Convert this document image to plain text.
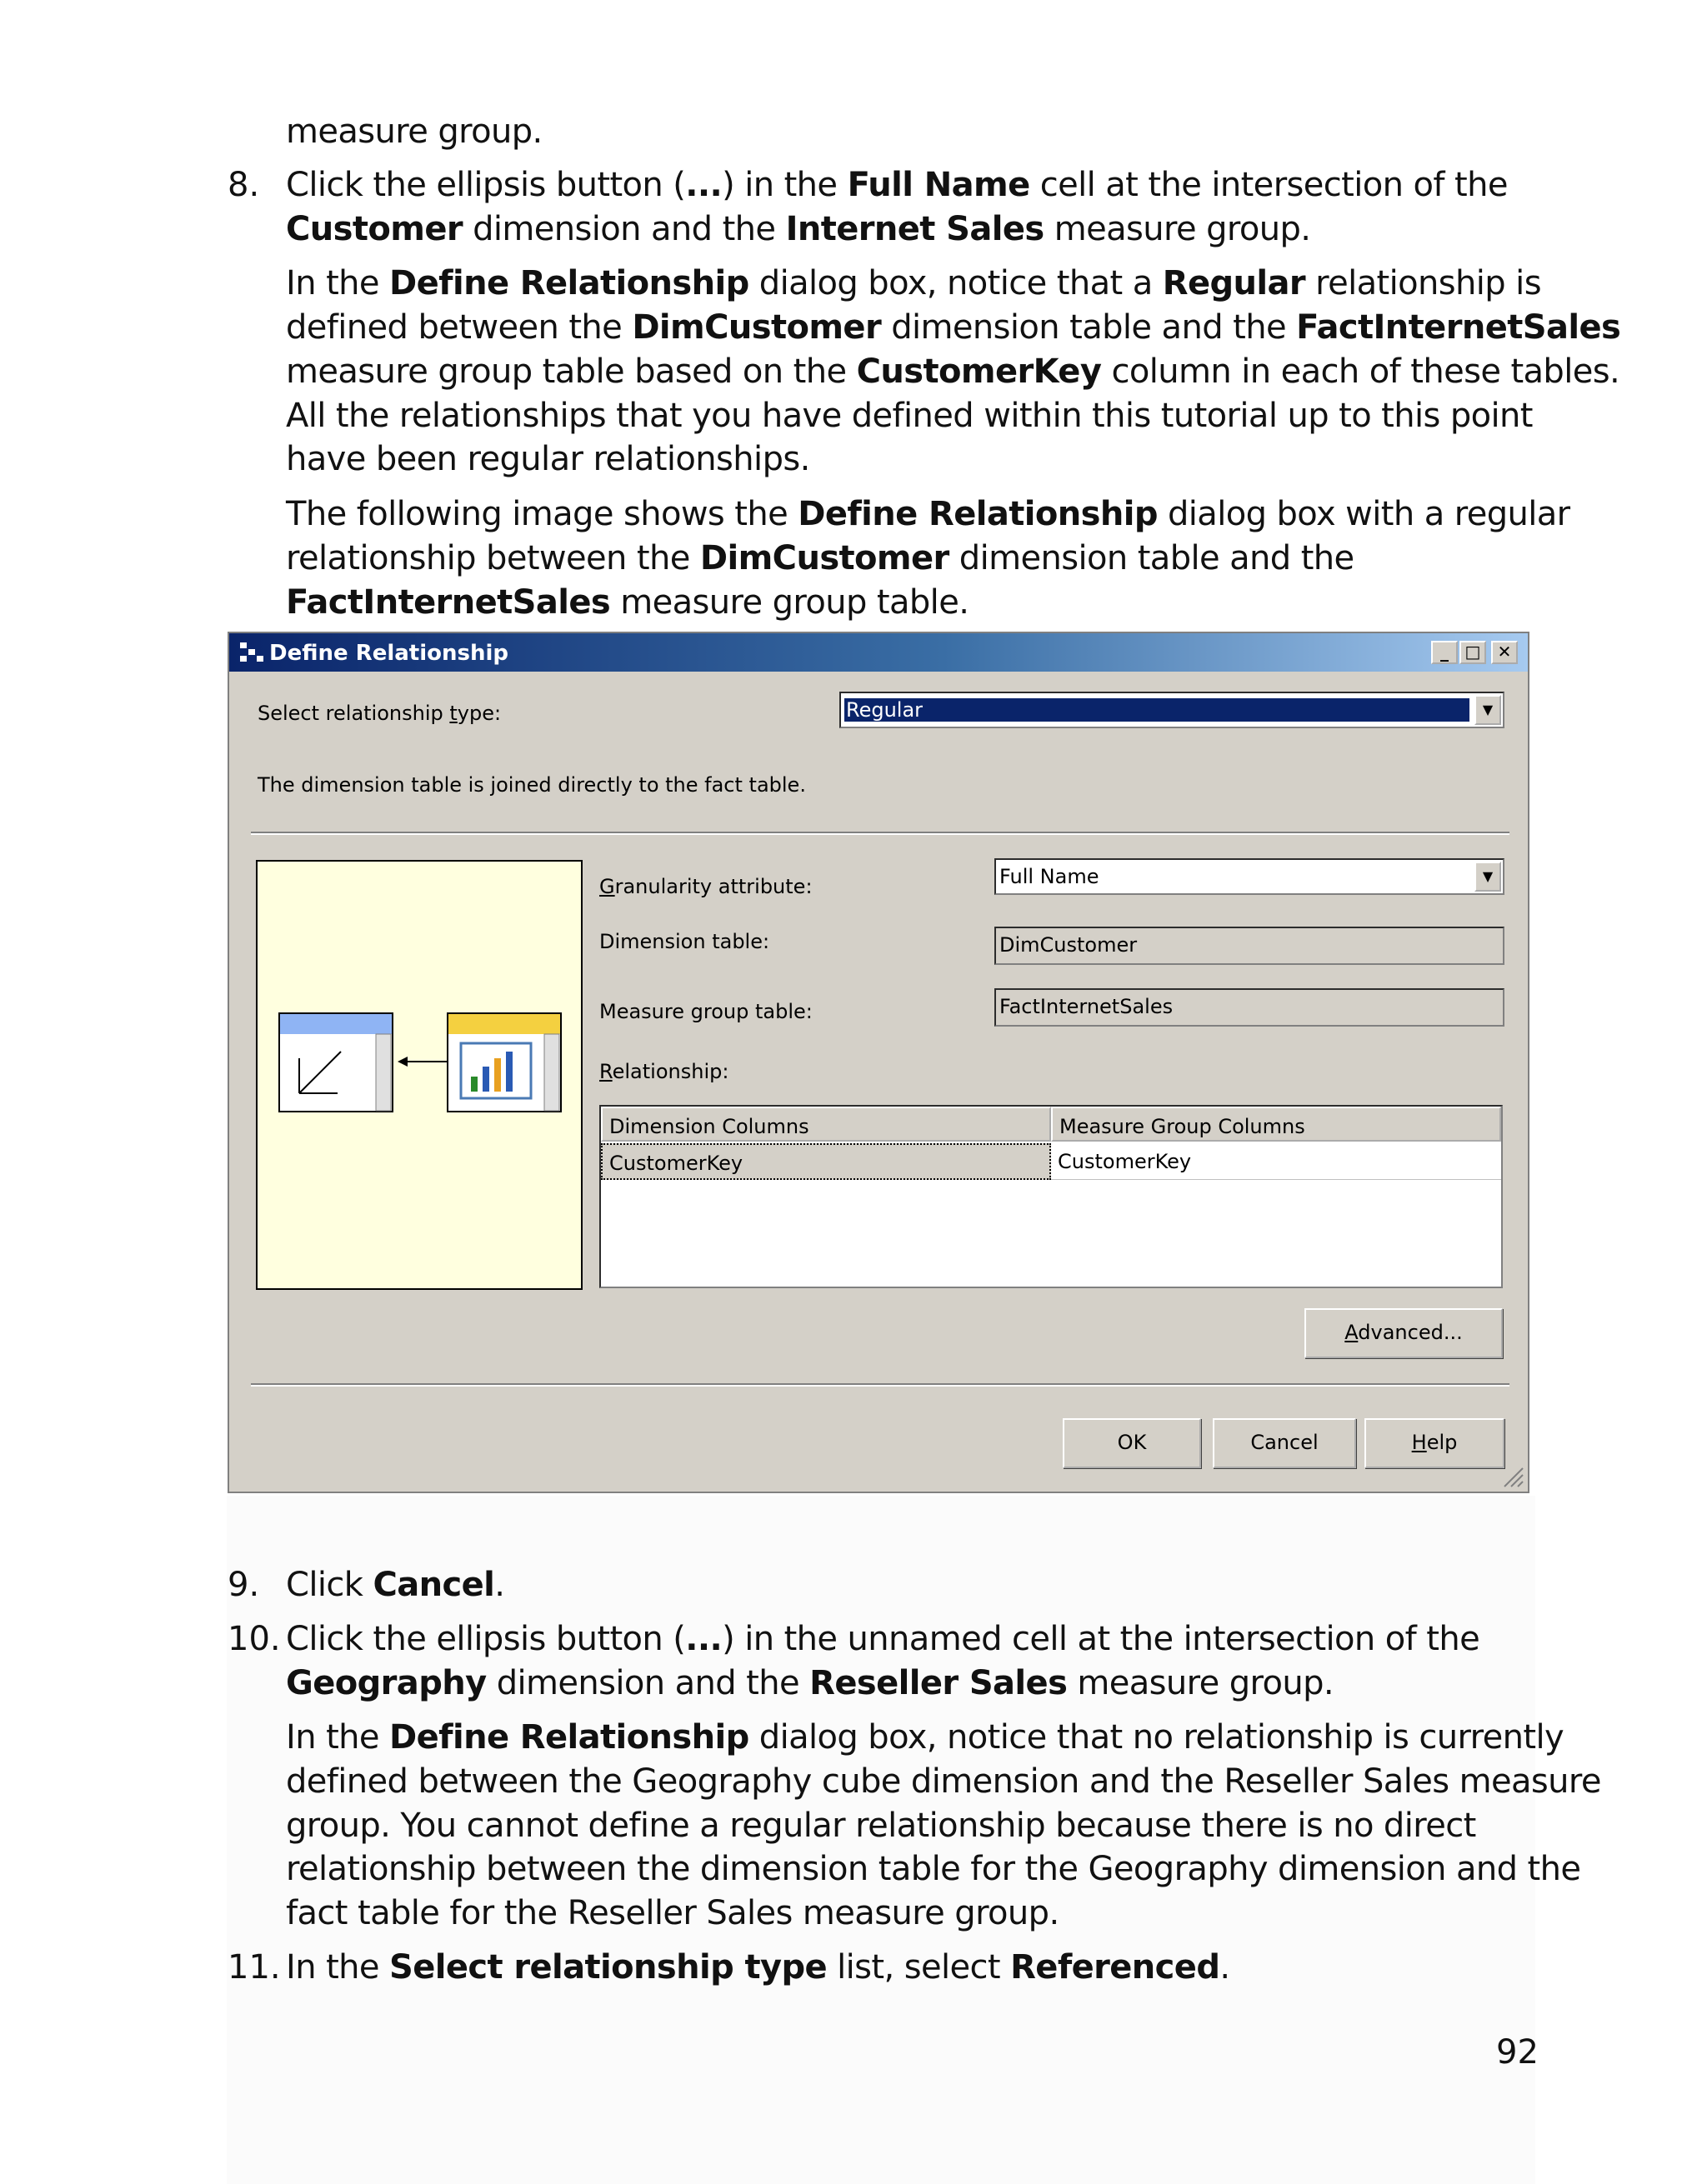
measure group.
8. Click the ellipsis button (...) in the Full Name cell at the intersection of the
Customer dimension and the Internet Sales measure group.
In the Define Relationship dialog box, notice that a Regular relationship is
defined between the DimCustomer dimension table and the FactInternetSales
measure group table based on the CustomerKey column in each of these tables.
All the relationships that you have defined within this tutorial up to this point
have been regular relationships.
The following image shows the Define Relationship dialog box with a regular
relationship between the DimCustomer dimension table and the
FactInternetSales measure group table.
9. Click Cancel.
10. Click the ellipsis button (...) in the unnamed cell at the intersection of the
Geography dimension and the Reseller Sales measure group.
In the Define Relationship dialog box, notice that no relationship is currently
defined between the Geography cube dimension and the Reseller Sales measure
group. You cannot define a regular relationship because there is no direct
relationship between the dimension table for the Geography dimension and the
fact table for the Reseller Sales measure group.
11. In the Select relationship type list, select Referenced.
92
Define Relationship	_ □	✕
Select relationship type:	Regular	▼
The dimension table is joined directly to the fact table.
Granularity attribute:	Full Name	▼
Dimension table:	DimCustomer
Measure group table:	FactInternetSales
Relationship:
Dimension Columns	Measure Group Columns
CustomerKey	CustomerKey
Advanced...
OK	Cancel	Help
